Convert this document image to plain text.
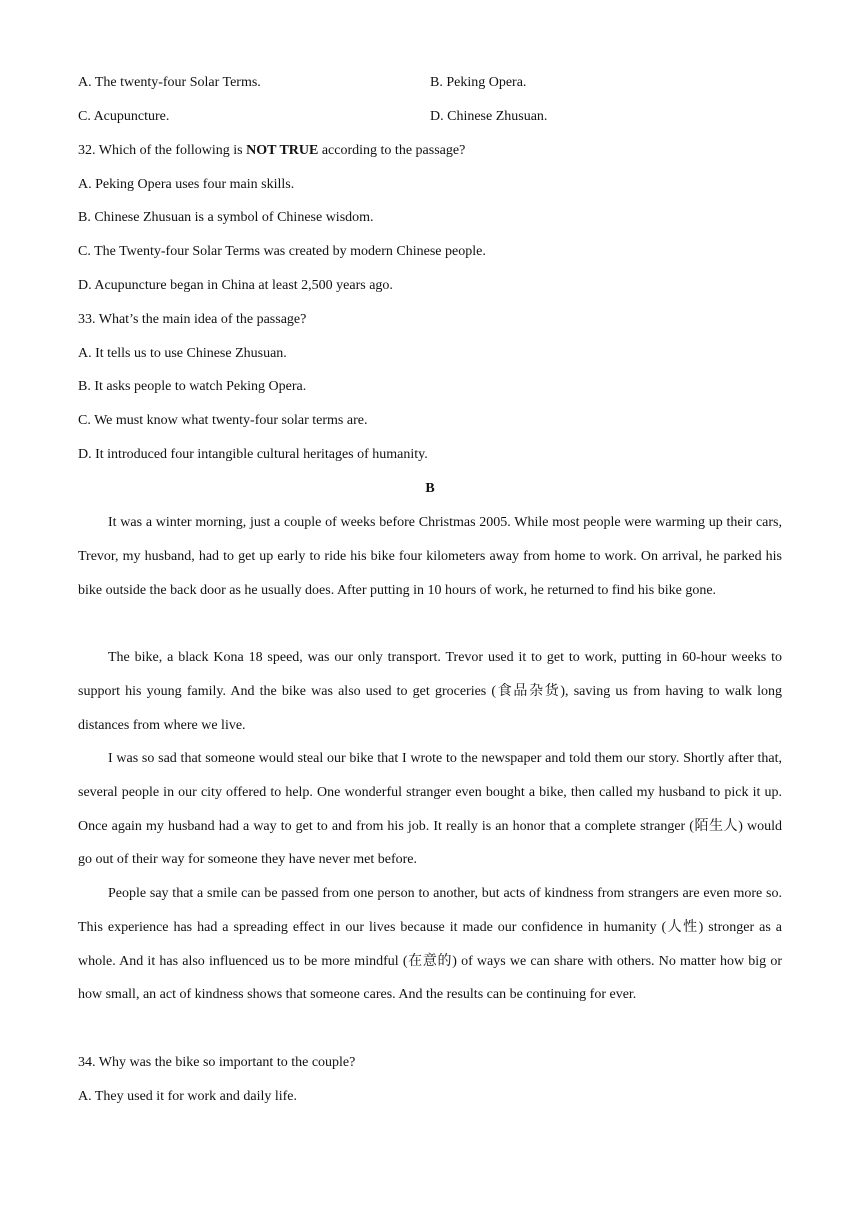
A. The twenty-four Solar Terms.	B. Peking Opera.
C. Acupuncture.	D. Chinese Zhusuan.
32. Which of the following is NOT TRUE according to the passage?
A. Peking Opera uses four main skills.
B. Chinese Zhusuan is a symbol of Chinese wisdom.
C. The Twenty-four Solar Terms was created by modern Chinese people.
D. Acupuncture began in China at least 2,500 years ago.
33. What’s the main idea of the passage?
A. It tells us to use Chinese Zhusuan.
B. It asks people to watch Peking Opera.
C. We must know what twenty-four solar terms are.
D. It introduced four intangible cultural heritages of humanity.
B

It was a winter morning, just a couple of weeks before Christmas 2005. While most people were warming up their cars, Trevor, my husband, had to get up early to ride his bike four kilometers away from home to work. On arrival, he parked his bike outside the back door as he usually does. After putting in 10 hours of work, he returned to find his bike gone.

The bike, a black Kona 18 speed, was our only transport. Trevor used it to get to work, putting in 60-hour weeks to support his young family. And the bike was also used to get groceries (食品杂货), saving us from having to walk long distances from where we live.

I was so sad that someone would steal our bike that I wrote to the newspaper and told them our story. Shortly after that, several people in our city offered to help. One wonderful stranger even bought a bike, then called my husband to pick it up. Once again my husband had a way to get to and from his job. It really is an honor that a complete stranger (陌生人) would go out of their way for someone they have never met before.

People say that a smile can be passed from one person to another, but acts of kindness from strangers are even more so. This experience has had a spreading effect in our lives because it made our confidence in humanity (人性) stronger as a whole. And it has also influenced us to be more mindful (在意的) of ways we can share with others. No matter how big or how small, an act of kindness shows that someone cares. And the results can be continuing for ever.

34. Why was the bike so important to the couple?
A. They used it for work and daily life.
